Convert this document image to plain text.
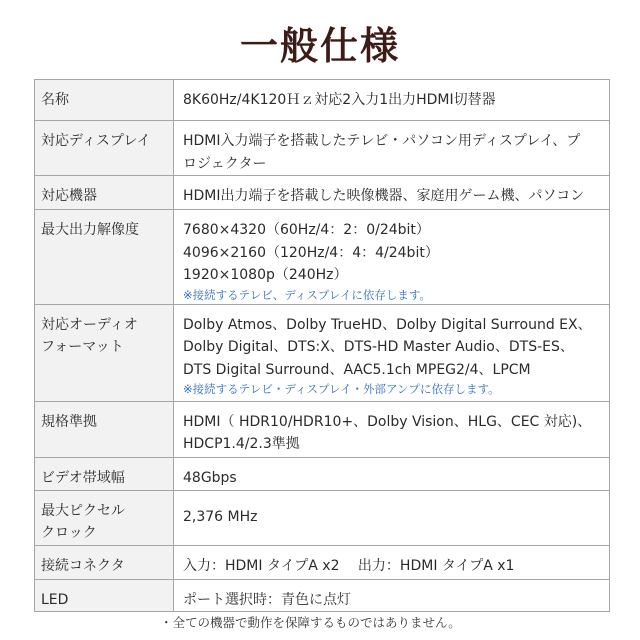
一般仕様
名称	8K60Hz/4K120Ｈｚ対応2入力1出力HDMI切替器

対応ディスプレイ	HDMI入力端子を搭載したテレビ・パソコン用ディスプレイ、プ
ロジェクター

対応機器	HDMI出力端子を搭載した映像機器、家庭用ゲーム機、パソコン

最大出力解像度	7680×4320（60Hz/4：2：0/24bit）
4096×2160（120Hz/4：4：4/24bit）
1920×1080p（240Hz）
※接続するテレビ、ディスプレイに依存します。

対応オーディオ
フォーマット	Dolby Atmos、Dolby TrueHD、Dolby Digital Surround EX、
Dolby Digital、DTS:X、DTS-HD Master Audio、DTS-ES、
DTS Digital Surround、AAC5.1ch MPEG2/4、LPCM
※接続するテレビ・ディスプレイ・外部アンプに依存します。

規格準拠	HDMI（ HDR10/HDR10+、Dolby Vision、HLG、CEC 対応)、
HDCP1.4/2.3準拠

ビデオ帯域幅	48Gbps

最大ピクセル
クロック	2,376 MHz

接続コネクタ	入力：HDMI タイプA x2　 出力：HDMI タイプA x1

LED	ポート選択時：青色に点灯
・全ての機器で動作を保障するものではありません。
